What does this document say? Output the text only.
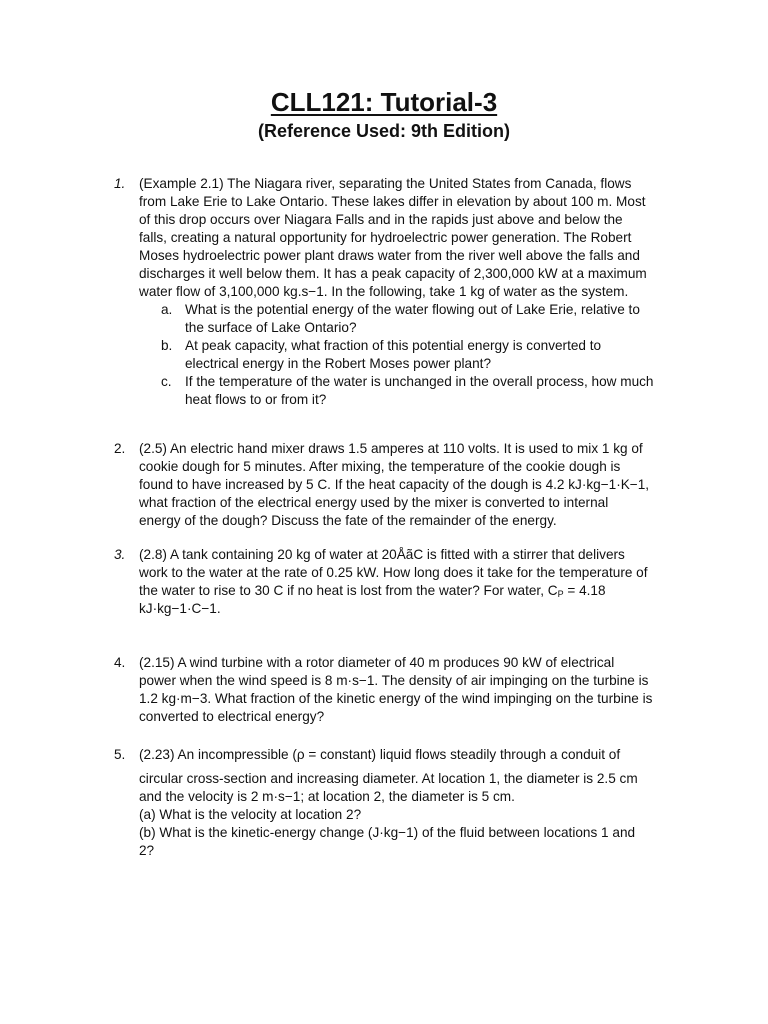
CLL121: Tutorial-3
(Reference Used: 9th Edition)
1.	(Example 2.1) The Niagara river, separating the United States from Canada, flows

from Lake Erie to Lake Ontario. These lakes differ in elevation by about 100 m. Most

of this drop occurs over Niagara Falls and in the rapids just above and below the

falls, creating a natural opportunity for hydroelectric power generation. The Robert

Moses hydroelectric power plant draws water from the river well above the falls and

discharges it well below them. It has a peak capacity of 2,300,000 kW at a maximum

water flow of 3,100,000 kg.s−1. In the following, take 1 kg of water as the system.

a. What is the potential energy of the water flowing out of Lake Erie, relative to

the surface of Lake Ontario?

b. At peak capacity, what fraction of this potential energy is converted to

electrical energy in the Robert Moses power plant?

c. If the temperature of the water is unchanged in the overall process, how much

heat flows to or from it?

2.	(2.5) An electric hand mixer draws 1.5 amperes at 110 volts. It is used to mix 1 kg of

cookie dough for 5 minutes. After mixing, the temperature of the cookie dough is

found to have increased by 5 C. If the heat capacity of the dough is 4.2 kJ·kg−1·K−1,

what fraction of the electrical energy used by the mixer is converted to internal

energy of the dough? Discuss the fate of the remainder of the energy.

3.	(2.8) A tank containing 20 kg of water at 20ÅãC is fitted with a stirrer that delivers

work to the water at the rate of 0.25 kW. How long does it take for the temperature of

the water to rise to 30 C if no heat is lost from the water? For water, $C_P = 4.18$

kJ·kg−1·C−1.

4.	(2.15) A wind turbine with a rotor diameter of 40 m produces 90 kW of electrical

power when the wind speed is 8 m·s−1. The density of air impinging on the turbine is

1.2 kg·m−3. What fraction of the kinetic energy of the wind impinging on the turbine is

converted to electrical energy?

5.	(2.23) An incompressible (ρ = constant) liquid flows steadily through a conduit of

circular cross-section and increasing diameter. At location 1, the diameter is 2.5 cm

and the velocity is 2 m·s−1; at location 2, the diameter is 5 cm.

(a) What is the velocity at location 2?

(b) What is the kinetic-energy change (J·kg−1) of the fluid between locations 1 and

2?
